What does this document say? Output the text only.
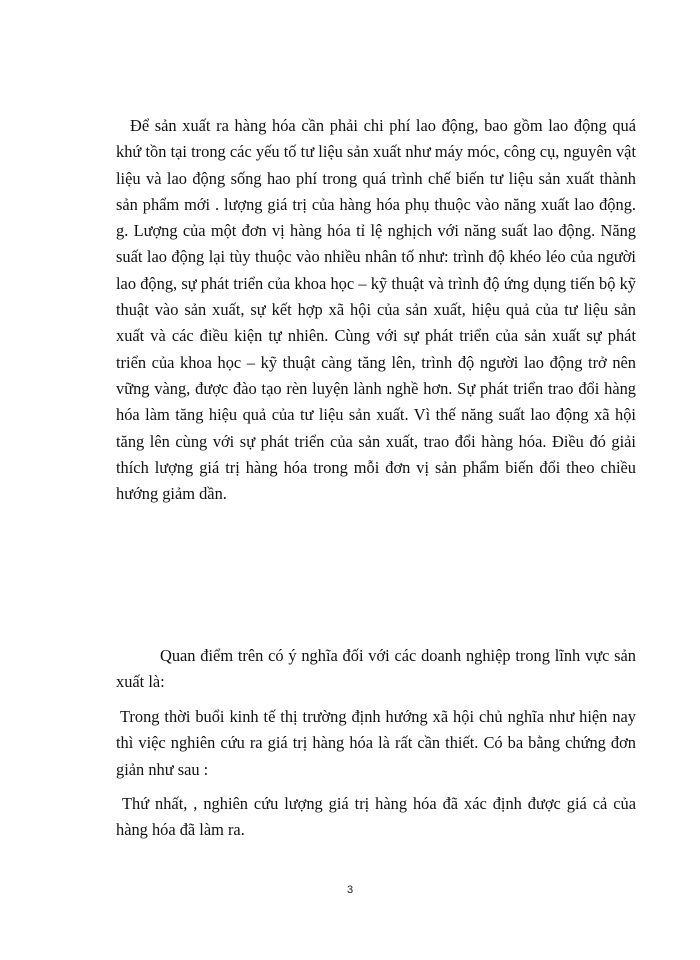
Để sản xuất ra hàng hóa cần phải chi phí lao động, bao gồm lao động quá khứ tồn tại trong các yếu tố tư liệu sản xuất như máy móc, công cụ, nguyên vật liệu và lao động sống hao phí trong quá trình chế biến tư liệu sản xuất thành sản phẩm mới . lượng giá trị của hàng hóa phụ thuộc vào năng xuất lao động. g. Lượng của một đơn vị hàng hóa tỉ lệ nghịch với năng suất lao động. Năng suất lao động lại tùy thuộc vào nhiều nhân tố như: trình độ khéo léo của người lao động, sự phát triển của khoa học – kỹ thuật và trình độ ứng dụng tiến bộ kỹ thuật vào sản xuất, sự kết hợp xã hội của sản xuất, hiệu quả của tư liệu sản xuất và các điều kiện tự nhiên. Cùng với sự phát triển của sản xuất sự phát triển của khoa học – kỹ thuật càng tăng lên, trình độ người lao động trở nên vững vàng, được đào tạo rèn luyện lành nghề hơn. Sự phát triển trao đổi hàng hóa làm tăng hiệu quả của tư liệu sản xuất. Vì thế năng suất lao động xã hội tăng lên cùng với sự phát triển của sản xuất, trao đổi hàng hóa. Điều đó giải thích lượng giá trị hàng hóa trong mỗi đơn vị sản phẩm biến đổi theo chiều hướng giảm dần.

Quan điểm trên có ý nghĩa đối với các doanh nghiệp trong lĩnh vực sản xuất là:

Trong thời buổi kinh tế thị trường định hướng xã hội chủ nghĩa như hiện nay thì việc nghiên cứu ra giá trị hàng hóa là rất cần thiết. Có ba bằng chứng đơn giản như sau :

Thứ nhất, , nghiên cứu lượng giá trị hàng hóa đã xác định được giá cả của hàng hóa đã làm ra.

3
